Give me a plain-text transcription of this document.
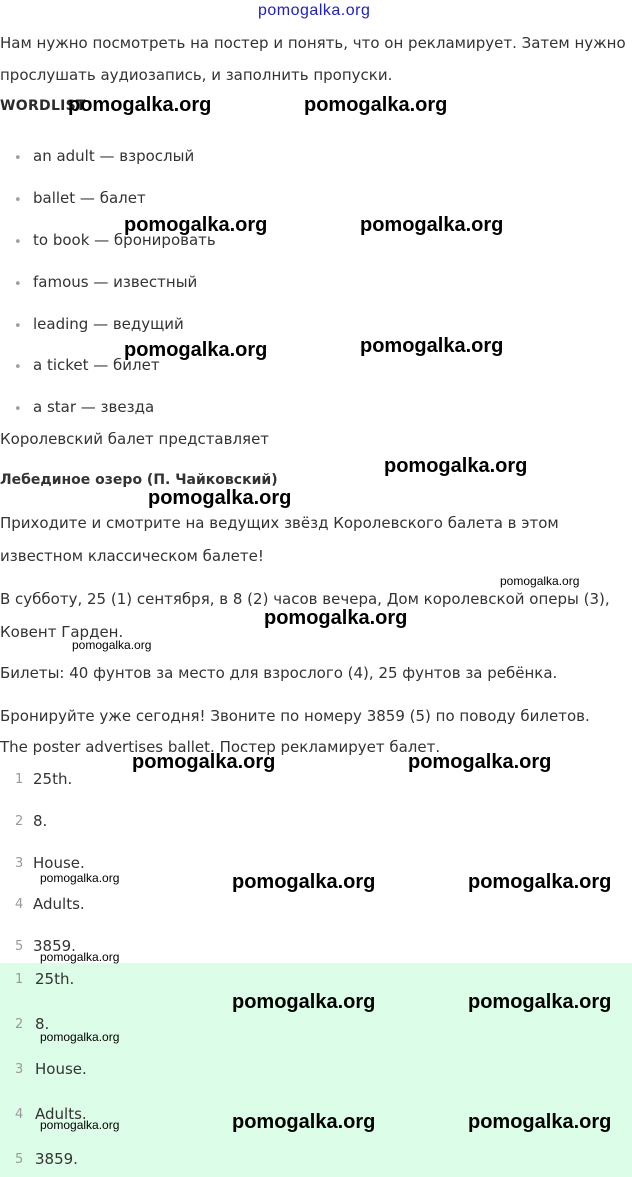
pomogalka.org
Нам нужно посмотреть на постер и понять, что он рекламирует. Затем нужно
прослушать аудиозапись, и заполнить пропуски.
WORDLIST
• an adult — взрослый
• ballet — балет
• to book — бронировать
• famous — известный
• leading — ведущий
• a ticket — билет
• a star — звезда
Королевский балет представляет
Лебединое озеро (П. Чайковский)
Приходите и смотрите на ведущих звёзд Королевского балета в этом
известном классическом балете!
В субботу, 25 (1) сентября, в 8 (2) часов вечера, Дом королевской оперы (3),
Ковент Гарден.
Билеты: 40 фунтов за место для взрослого (4), 25 фунтов за ребёнка.
Бронируйте уже сегодня! Звоните по номеру 3859 (5) по поводу билетов.
The poster advertises ballet. Постер рекламирует балет.
1 25th.
2 8.
3 House.
4 Adults.
5 3859.
1 25th.
2 8.
3 House.
4 Adults.
5 3859.
pomogalka.org	pomogalka.org
pomogalka.org	pomogalka.org
pomogalka.org	pomogalka.org
pomogalka.org
pomogalka.org
pomogalka.org
pomogalka.org
pomogalka.org
pomogalka.org	pomogalka.org
pomogalka.org	pomogalka.org	pomogalka.org
pomogalka.org
pomogalka.org	pomogalka.org
pomogalka.org
pomogalka.org	pomogalka.org
pomogalka.org
